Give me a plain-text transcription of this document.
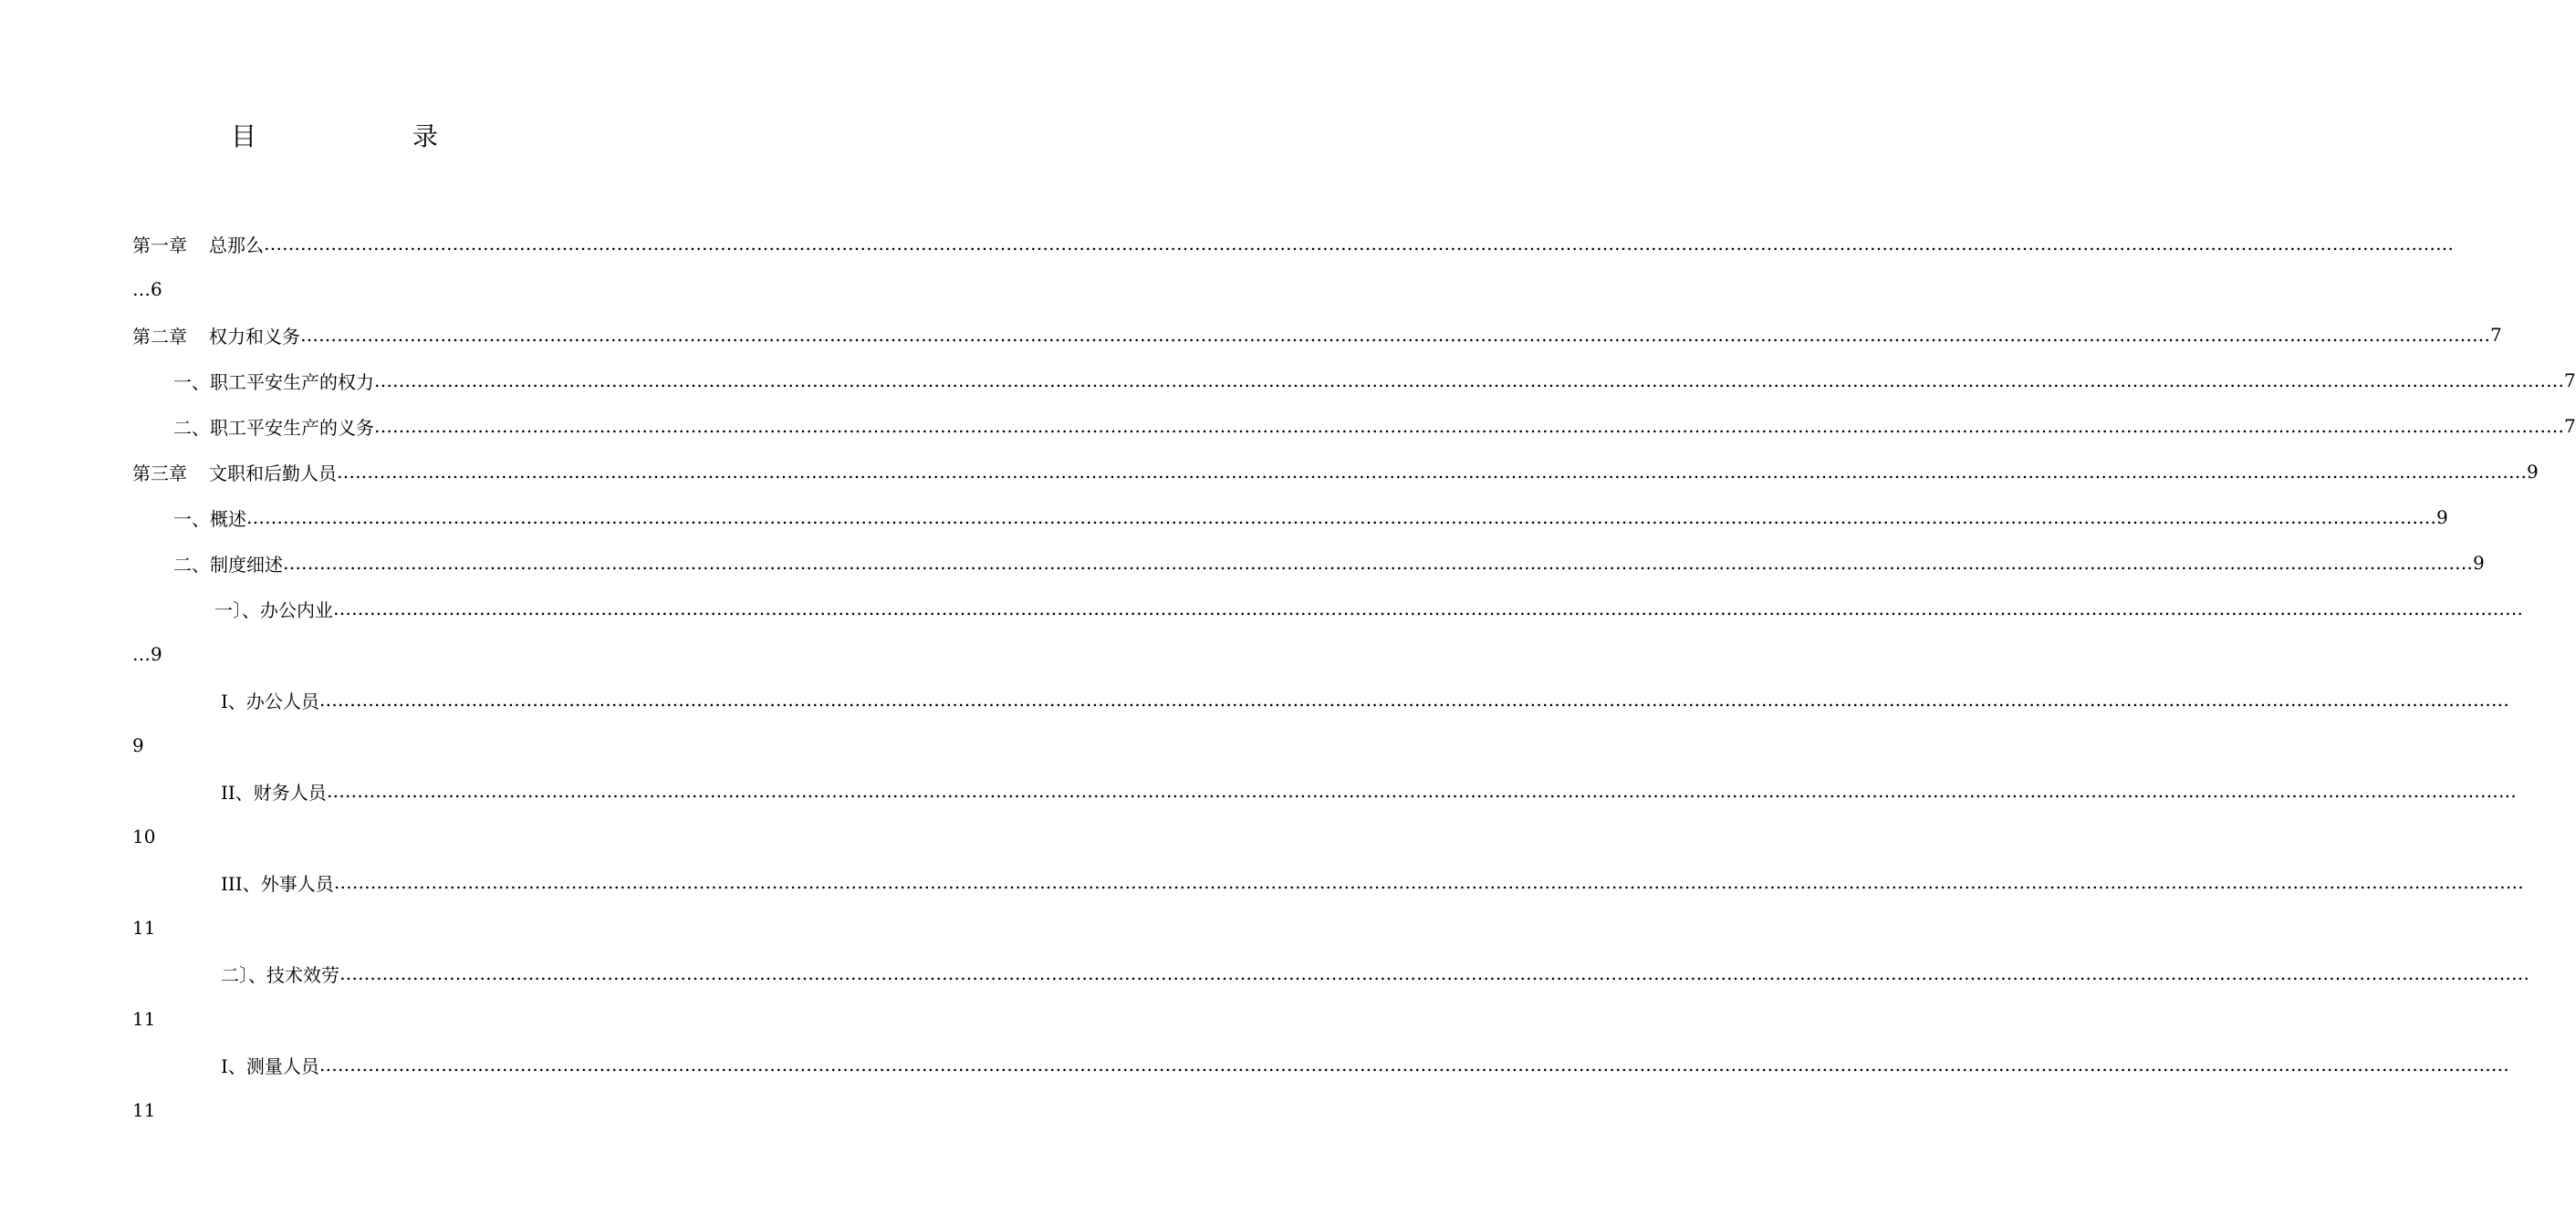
目	录
第一章 总那么 ………………………………………………………………………………………………………………………………………………………………………………………………………………………………………………………………………………………………………………………………
…6
第二章 权力和义务 ……………………………………………………………………………………………………………………………………………………………………………………………………………………………………………………………………………………………………………………………… 7
一、职工平安生产的权力 ……………………………………………………………………………………………………………………………………………………………………………………………………………………………………………………………………………………………………………………………… 7
二、职工平安生产的义务 ……………………………………………………………………………………………………………………………………………………………………………………………………………………………………………………………………………………………………………………………… 7
第三章 文职和后勤人员 ……………………………………………………………………………………………………………………………………………………………………………………………………………………………………………………………………………………………………………………………… 9
一、概述 ……………………………………………………………………………………………………………………………………………………………………………………………………………………………………………………………………………………………………………………………… 9
二、制度细述 ……………………………………………………………………………………………………………………………………………………………………………………………………………………………………………………………………………………………………………………………… 9
一〕、办公内业 ………………………………………………………………………………………………………………………………………………………………………………………………………………………………………………………………………………………………………………………………
…9
I、办公人员 ………………………………………………………………………………………………………………………………………………………………………………………………………………………………………………………………………………………………………………………………
9
II、财务人员 ………………………………………………………………………………………………………………………………………………………………………………………………………………………………………………………………………………………………………………………………
10
III、外事人员 ………………………………………………………………………………………………………………………………………………………………………………………………………………………………………………………………………………………………………………………………
11
二〕、技术效劳 ………………………………………………………………………………………………………………………………………………………………………………………………………………………………………………………………………………………………………………………………
11
I、测量人员 ………………………………………………………………………………………………………………………………………………………………………………………………………………………………………………………………………………………………………………………………
11
